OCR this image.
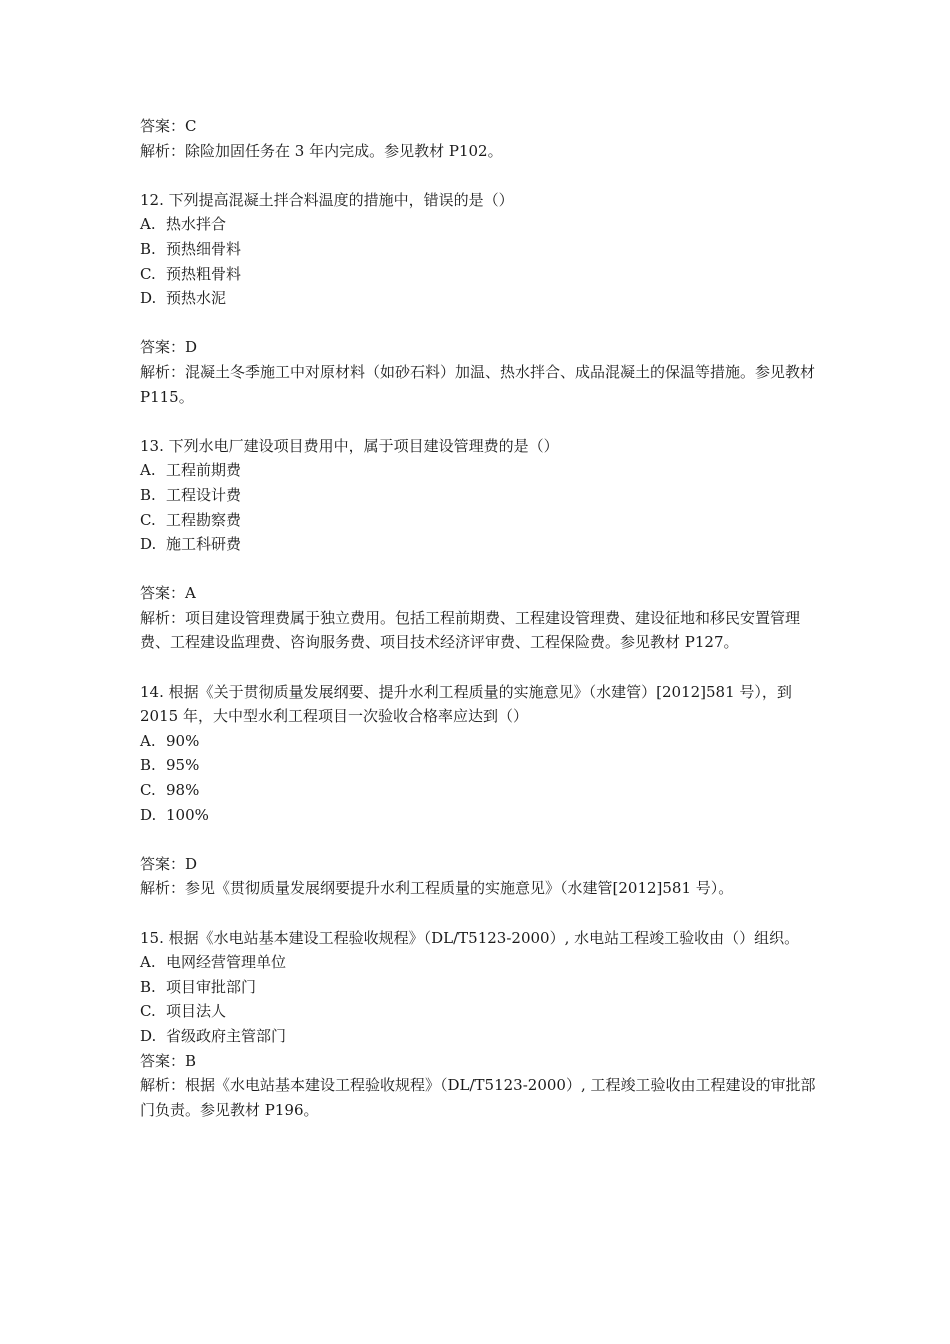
答案：C
解析：除险加固任务在 3 年内完成。参见教材 P102。
12. 下列提高混凝土拌合料温度的措施中，错误的是（）
A. 热水拌合
B. 预热细骨料
C. 预热粗骨料
D. 预热水泥
答案：D
解析：混凝土冬季施工中对原材料（如砂石料）加温、热水拌合、成品混凝土的保温等措施。参见教材 P115。
13. 下列水电厂建设项目费用中，属于项目建设管理费的是（）
A. 工程前期费
B. 工程设计费
C. 工程勘察费
D. 施工科研费
答案：A
解析：项目建设管理费属于独立费用。包括工程前期费、工程建设管理费、建设征地和移民安置管理费、工程建设监理费、咨询服务费、项目技术经济评审费、工程保险费。参见教材 P127。
14. 根据《关于贯彻质量发展纲要、提升水利工程质量的实施意见》（水建管）[2012]581 号），到 2015 年，大中型水利工程项目一次验收合格率应达到（）
A. 90%
B. 95%
C. 98%
D. 100%
答案：D
解析：参见《贯彻质量发展纲要提升水利工程质量的实施意见》（水建管[2012]581 号）。
15. 根据《水电站基本建设工程验收规程》（DL/T5123-2000）, 水电站工程竣工验收由（）组织。
A. 电网经营管理单位
B. 项目审批部门
C. 项目法人
D. 省级政府主管部门
答案：B
解析：根据《水电站基本建设工程验收规程》（DL/T5123-2000）, 工程竣工验收由工程建设的审批部门负责。参见教材 P196。
